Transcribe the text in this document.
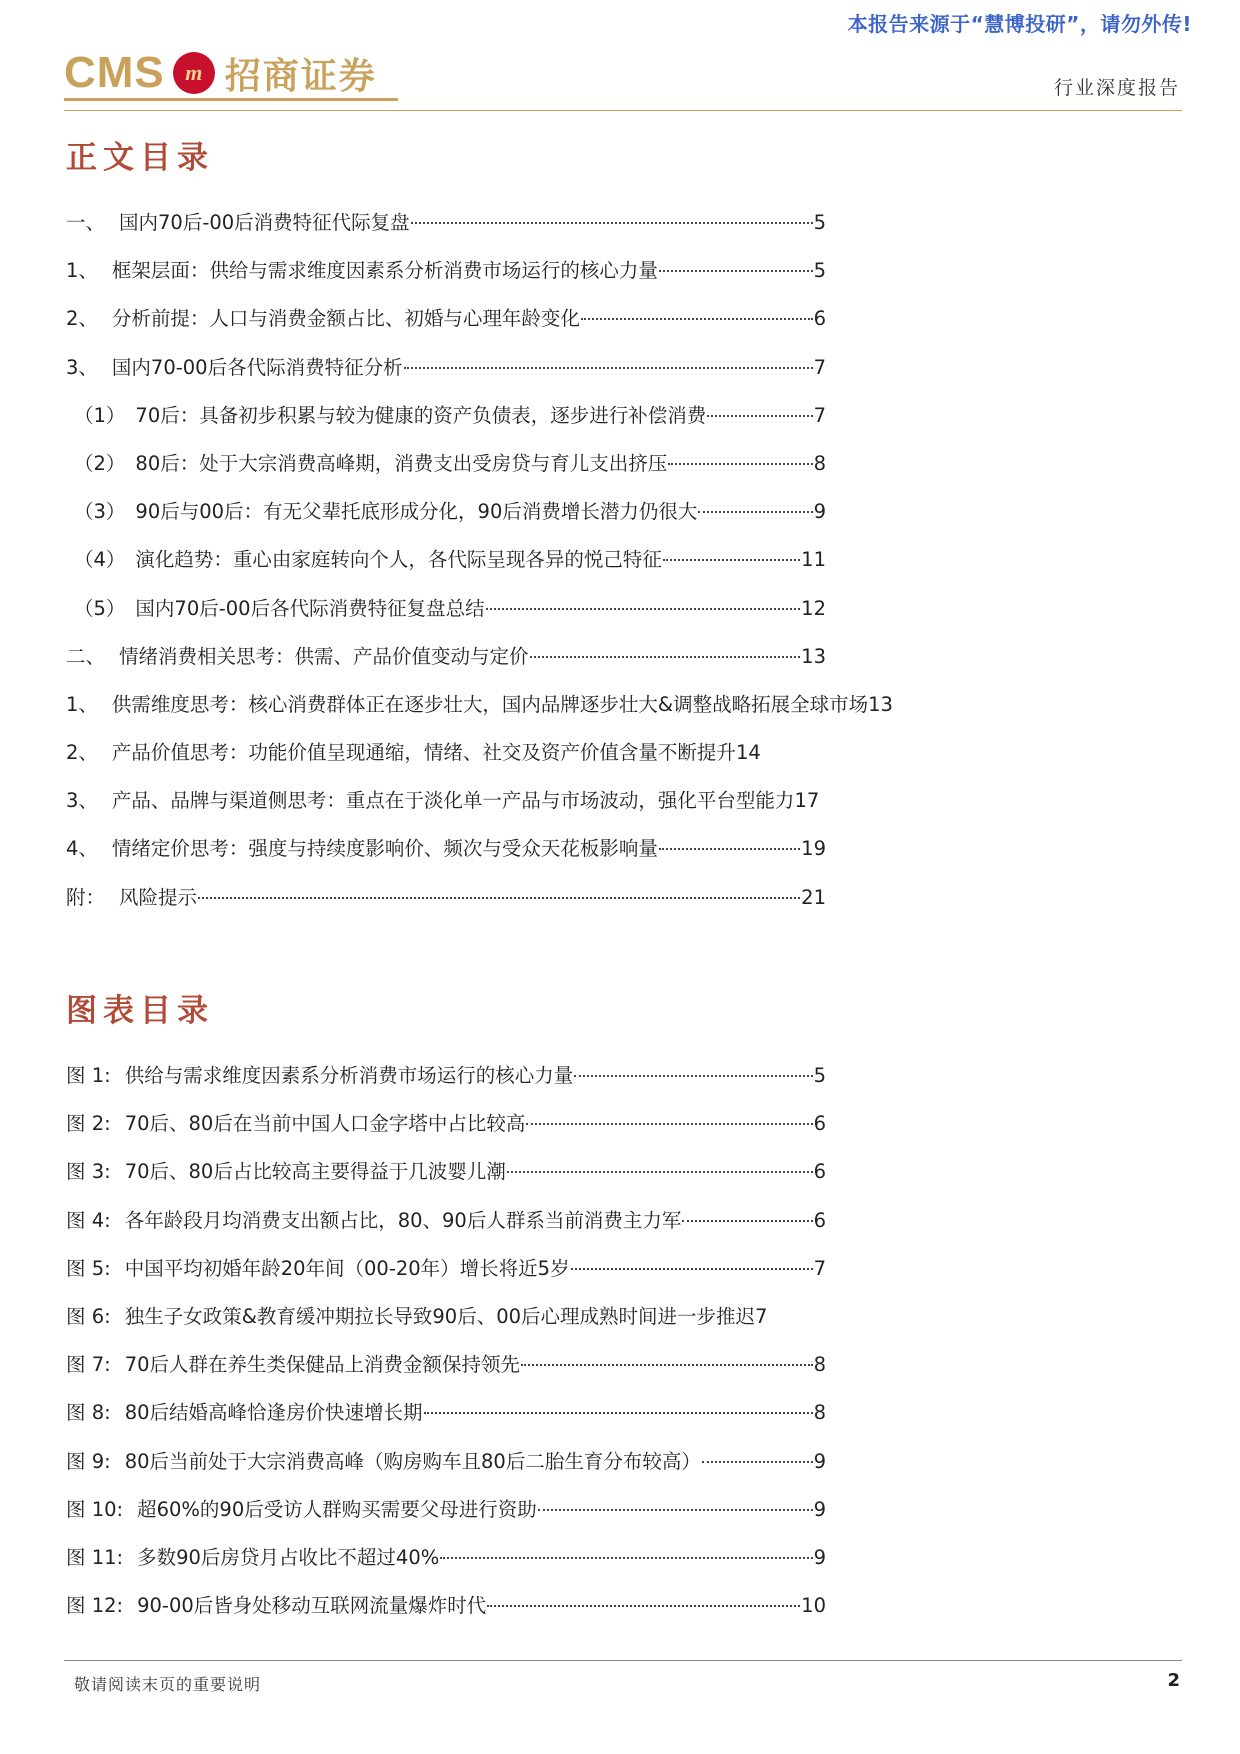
本报告来源于“慧博投研”，请勿外传!
CMS m 招商证券	行业深度报告
正文目录
一、 国内70后-00后消费特征代际复盘	5
1、 框架层面：供给与需求维度因素系分析消费市场运行的核心力量	5
2、 分析前提：人口与消费金额占比、初婚与心理年龄变化	6
3、 国内70-00后各代际消费特征分析	7
（1） 70后：具备初步积累与较为健康的资产负债表，逐步进行补偿消费	7
（2） 80后：处于大宗消费高峰期，消费支出受房贷与育儿支出挤压	8
（3） 90后与00后：有无父辈托底形成分化，90后消费增长潜力仍很大	9
（4） 演化趋势：重心由家庭转向个人，各代际呈现各异的悦己特征	11
（5） 国内70后-00后各代际消费特征复盘总结	12
二、 情绪消费相关思考：供需、产品价值变动与定价	13
1、 供需维度思考：核心消费群体正在逐步壮大，国内品牌逐步壮大&调整战略拓展全球市场 13
2、 产品价值思考：功能价值呈现通缩，情绪、社交及资产价值含量不断提升 14
3、 产品、品牌与渠道侧思考：重点在于淡化单一产品与市场波动，强化平台型能力 17
4、 情绪定价思考：强度与持续度影响价、频次与受众天花板影响量	19
附： 风险提示	21
图表目录
图 1: 供给与需求维度因素系分析消费市场运行的核心力量	5
图 2: 70后、80后在当前中国人口金字塔中占比较高	6
图 3: 70后、80后占比较高主要得益于几波婴儿潮	6
图 4: 各年龄段月均消费支出额占比，80、90后人群系当前消费主力军	6
图 5: 中国平均初婚年龄20年间（00-20年）增长将近5岁	7
图 6: 独生子女政策&教育缓冲期拉长导致90后、00后心理成熟时间进一步推迟 7
图 7: 70后人群在养生类保健品上消费金额保持领先	8
图 8: 80后结婚高峰恰逢房价快速增长期	8
图 9: 80后当前处于大宗消费高峰（购房购车且80后二胎生育分布较高）	9
图 10: 超60%的90后受访人群购买需要父母进行资助	9
图 11: 多数90后房贷月占收比不超过40%	9
图 12: 90-00后皆身处移动互联网流量爆炸时代	10
敬请阅读末页的重要说明	2
